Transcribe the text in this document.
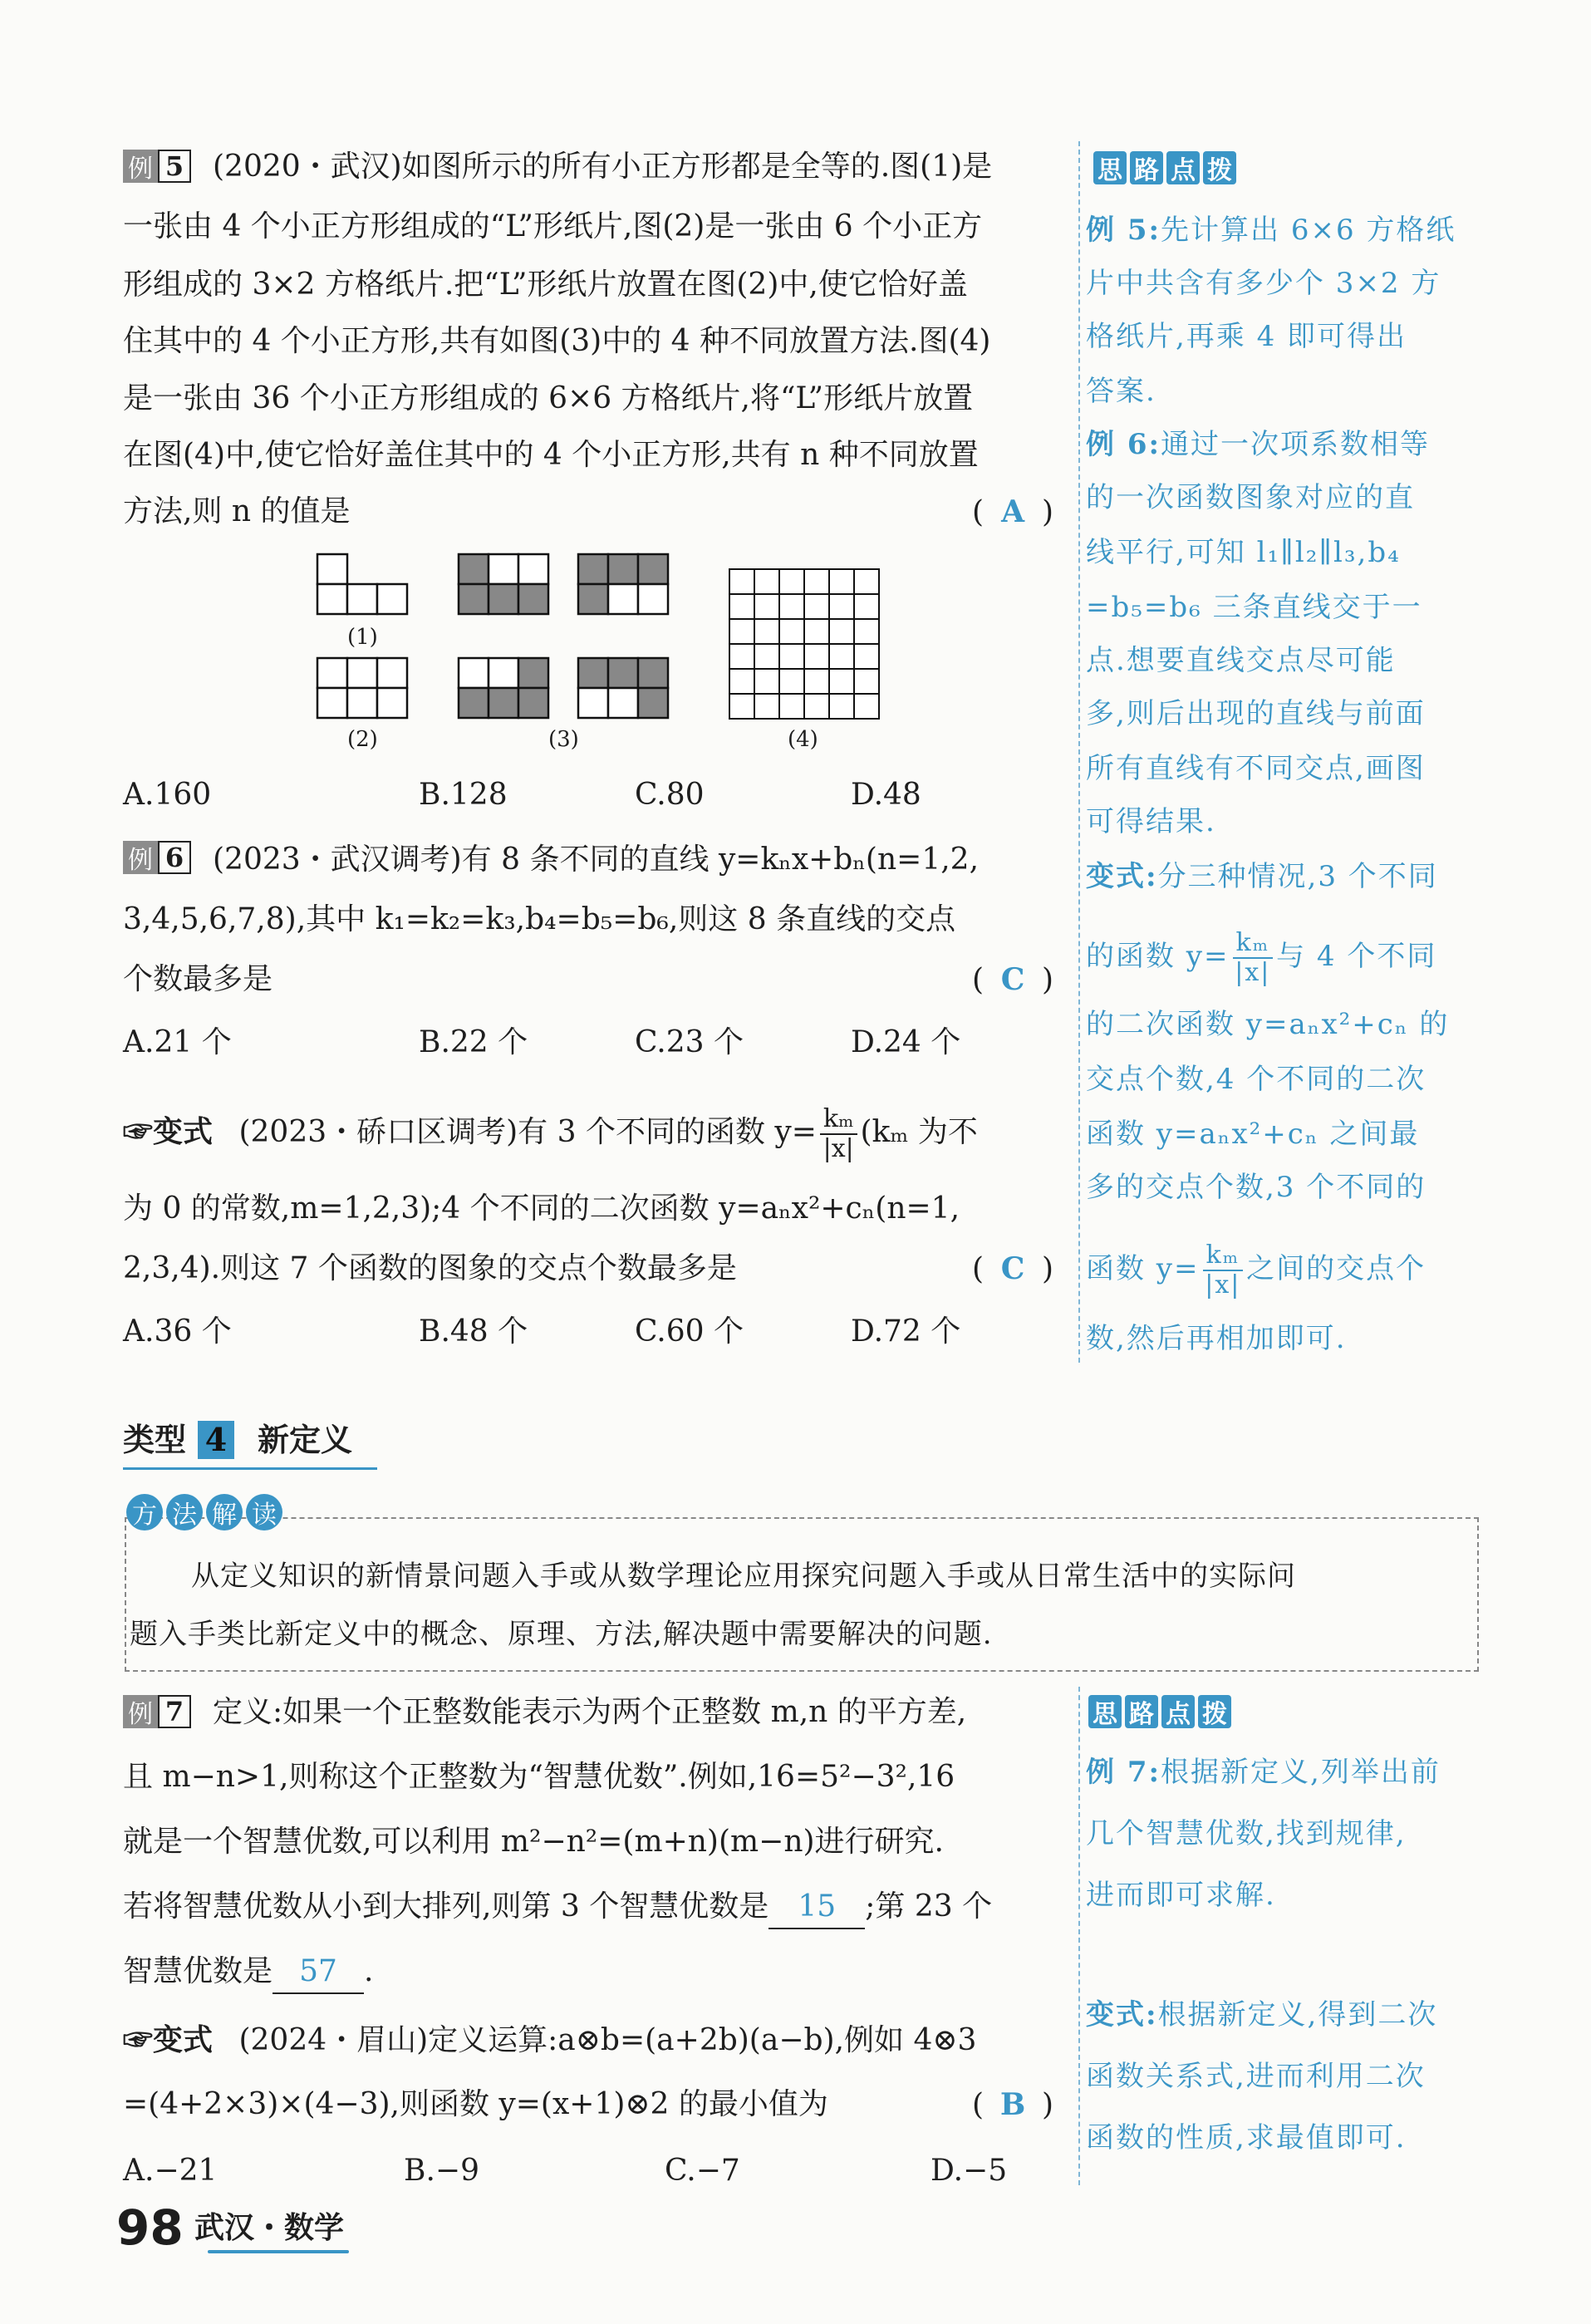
例 5 (2020・武汉)如图所示的所有小正方形都是全等的.图(1)是
一张由 4 个小正方形组成的“L”形纸片,图(2)是一张由 6 个小正方
形组成的 3×2 方格纸片.把“L”形纸片放置在图(2)中,使它恰好盖
住其中的 4 个小正方形,共有如图(3)中的 4 种不同放置方法.图(4)
是一张由 36 个小正方形组成的 6×6 方格纸片,将“L”形纸片放置
在图(4)中,使它恰好盖住其中的 4 个小正方形,共有 n 种不同放置
方法,则 n 的值是	( A )
(1)
(2)	(3)	(4)
A.160	B.128	C.80	D.48
例 6 (2023・武汉调考)有 8 条不同的直线 y=kₙx+bₙ(n=1,2,
3,4,5,6,7,8),其中 k₁=k₂=k₃,b₄=b₅=b₆,则这 8 条直线的交点
个数最多是	( C )
A.21 个	B.22 个	C.23 个	D.24 个
☞变式 (2023・硚口区调考)有 3 个不同的函数 $y= \frac{\text{kₘ}}{|x|} (k_m$ 为不
为 0 的常数,m=1,2,3);4 个不同的二次函数 y=aₙx²+cₙ(n=1,
2,3,4).则这 7 个函数的图象的交点个数最多是	( C )
A.36 个	B.48 个	C.60 个	D.72 个
思 路 点 拨
例 5:先计算出 6×6 方格纸
片中共含有多少个 3×2 方
格纸片,再乘 4 即可得出
答案.
例 6:通过一次项系数相等
的一次函数图象对应的直
线平行,可知 l₁∥l₂∥l₃,b₄
=b₅=b₆ 三条直线交于一
点.想要直线交点尽可能
多,则后出现的直线与前面
所有直线有不同交点,画图
可得结果.
变式:分三种情况,3 个不同
的函数 $y= \frac{\text{kₘ}}{|x|}$ 与 4 个不同
的二次函数 y=aₙx²+cₙ 的
交点个数,4 个不同的二次
函数 y=aₙx²+cₙ 之间最
多的交点个数,3 个不同的
函数 $y= \frac{\text{kₘ}}{|x|}$ 之间的交点个
数,然后再相加即可.
类型 4 新定义
方 法 解 读
从定义知识的新情景问题入手或从数学理论应用探究问题入手或从日常生活中的实际问
题入手类比新定义中的概念、原理、方法,解决题中需要解决的问题.
例 7 定义:如果一个正整数能表示为两个正整数 m,n 的平方差,
且 m−n>1,则称这个正整数为“智慧优数”.例如,16=5²−3²,16
就是一个智慧优数,可以利用 m²−n²=(m+n)(m−n)进行研究.
若将智慧优数从小到大排列,则第 3 个智慧优数是 15 ;第 23 个
智慧优数是 57 .
☞变式 (2024・眉山)定义运算:a⊗b=(a+2b)(a−b),例如 4⊗3
=(4+2×3)×(4−3),则函数 y=(x+1)⊗2 的最小值为	( B )
A.−21	B.−9	C.−7	D.−5
思 路 点 拨
例 7:根据新定义,列举出前
几个智慧优数,找到规律,
进而即可求解.
变式:根据新定义,得到二次
函数关系式,进而利用二次
函数的性质,求最值即可.
98 武汉・数学
